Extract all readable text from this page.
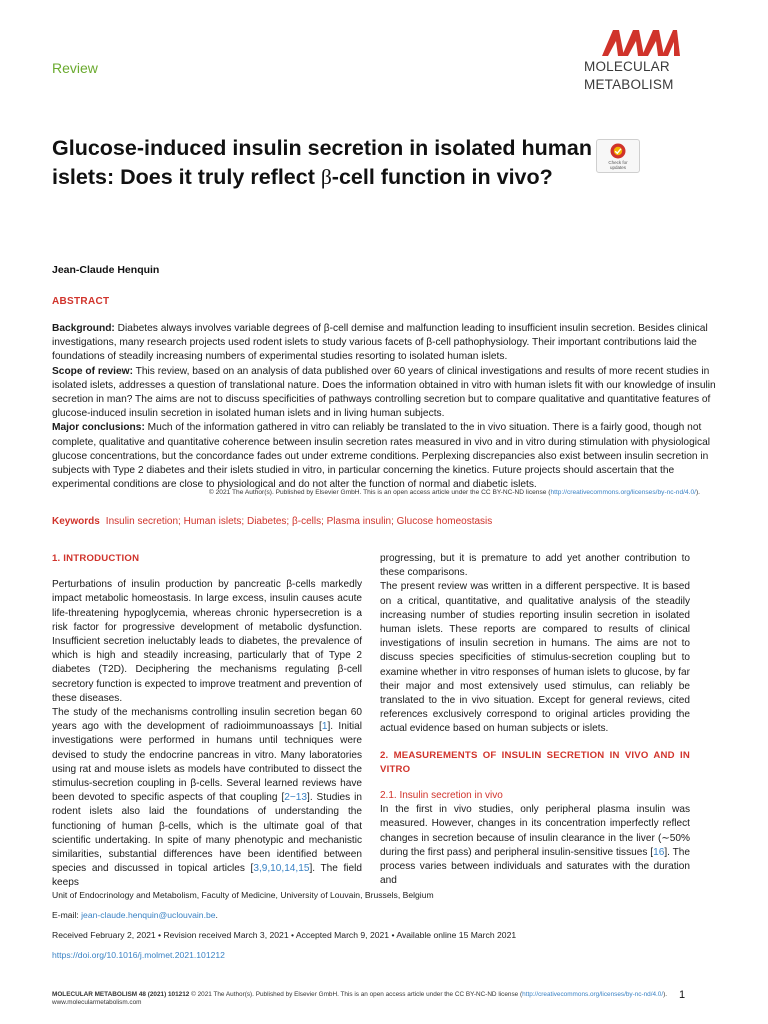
Review	MOLECULAR
METABOLISM
Glucose-induced insulin secretion in isolated human islets: Does it truly reflect β-cell function in vivo?
Check for
updates
Jean-Claude Henquin
ABSTRACT
Background: Diabetes always involves variable degrees of β-cell demise and malfunction leading to insufficient insulin secretion. Besides clinical investigations, many research projects used rodent islets to study various facets of β-cell pathophysiology. Their important contributions laid the foundations of steadily increasing numbers of experimental studies resorting to isolated human islets.
Scope of review: This review, based on an analysis of data published over 60 years of clinical investigations and results of more recent studies in isolated islets, addresses a question of translational nature. Does the information obtained in vitro with human islets fit with our knowledge of insulin secretion in man? The aims are not to discuss specificities of pathways controlling secretion but to compare qualitative and quantitative features of glucose-induced insulin secretion in isolated human islets and in living human subjects.
Major conclusions: Much of the information gathered in vitro can reliably be translated to the in vivo situation. There is a fairly good, though not complete, qualitative and quantitative coherence between insulin secretion rates measured in vivo and in vitro during stimulation with physiological glucose concentrations, but the concordance fades out under extreme conditions. Perplexing discrepancies also exist between insulin secretion in subjects with Type 2 diabetes and their islets studied in vitro, in particular concerning the kinetics. Future projects should ascertain that the experimental conditions are close to physiological and do not alter the function of normal and diabetic islets.
© 2021 The Author(s). Published by Elsevier GmbH. This is an open access article under the CC BY-NC-ND license (http://creativecommons.org/licenses/by-nc-nd/4.0/).
Keywords Insulin secretion; Human islets; Diabetes; β-cells; Plasma insulin; Glucose homeostasis
1. INTRODUCTION

Perturbations of insulin production by pancreatic β-cells markedly impact metabolic homeostasis. In large excess, insulin causes acute life-threatening hypoglycemia, whereas chronic hypersecretion is a risk factor for progressive development of metabolic dysfunction. Insufficient secretion ineluctably leads to diabetes, the prevalence of which is high and steadily increasing, particularly that of Type 2 diabetes (T2D). Deciphering the mechanisms regulating β-cell secretory function is expected to improve treatment and prevention of these diseases.

The study of the mechanisms controlling insulin secretion began 60 years ago with the development of radioimmunoassays [1]. Initial investigations were performed in humans until techniques were devised to study the endocrine pancreas in vitro. Many laboratories using rat and mouse islets as models have contributed to dissect the stimulus-secretion coupling in β-cells. Several learned reviews have been devoted to specific aspects of that coupling [2−13]. Studies in rodent islets also laid the foundations of understanding the functioning of human β-cells, which is the ultimate goal of that scientific undertaking. In spite of many phenotypic and mechanistic similarities, substantial differences have been identified between species and discussed in topical articles [3,9,10,14,15]. The field keeps

progressing, but it is premature to add yet another contribution to these comparisons.

The present review was written in a different perspective. It is based on a critical, quantitative, and qualitative analysis of the steadily increasing number of studies reporting insulin secretion in isolated human islets. These reports are compared to results of clinical investigations of insulin secretion in humans. The aims are not to discuss species specificities of stimulus-secretion coupling but to examine whether in vitro responses of human islets to glucose, by far their major and most extensively used stimulus, can reliably be translated to the in vivo situation. Except for general reviews, cited references exclusively correspond to original articles providing the actual evidence based on human subjects or islets.

2. MEASUREMENTS OF INSULIN SECRETION IN VIVO AND IN VITRO
2.1. Insulin secretion in vivo

In the first in vivo studies, only peripheral plasma insulin was measured. However, changes in its concentration imperfectly reflect changes in secretion because of insulin clearance in the liver (∼50% during the first pass) and peripheral insulin-sensitive tissues [16]. The process varies between individuals and saturates with the duration and

Unit of Endocrinology and Metabolism, Faculty of Medicine, University of Louvain, Brussels, Belgium
E-mail: jean-claude.henquin@uclouvain.be.
Received February 2, 2021 • Revision received March 3, 2021 • Accepted March 9, 2021 • Available online 15 March 2021
https://doi.org/10.1016/j.molmet.2021.101212
MOLECULAR METABOLISM 48 (2021) 101212 © 2021 The Author(s). Published by Elsevier GmbH. This is an open access article under the CC BY-NC-ND license (http://creativecommons.org/licenses/by-nc-nd/4.0/).
www.molecularmetabolism.com
1
